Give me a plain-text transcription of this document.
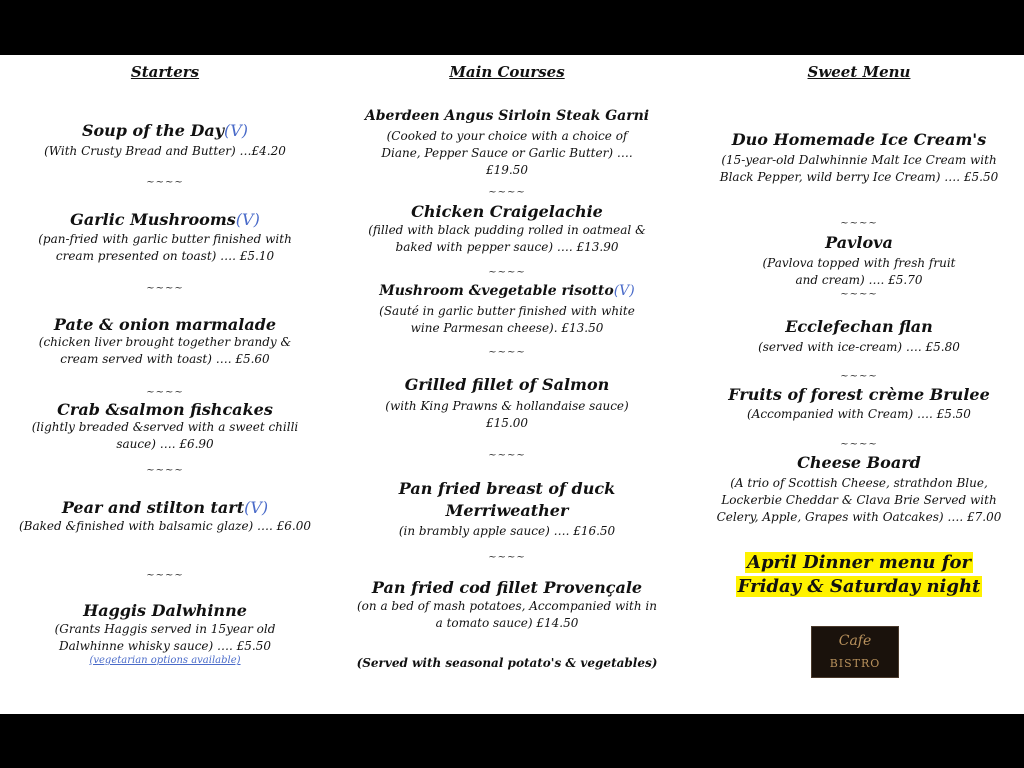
Starters

Soup of the Day(V)

(With Crusty Bread and Butter) …£4.20

~~~~

Garlic Mushrooms(V)

(pan-fried with garlic butter finished with cream presented on toast) …. £5.10

~~~~

Pate & onion marmalade

(chicken liver brought together brandy & cream served with toast) …. £5.60

~~~~

Crab &salmon fishcakes

(lightly breaded &served with a sweet chilli sauce) …. £6.90

~~~~

Pear and stilton tart(V)

(Baked &finished with balsamic glaze) …. £6.00

~~~~

Haggis Dalwhinne

(Grants Haggis served in 15year old Dalwhinne whisky sauce) …. £5.50

(vegetarian options available)

Main Courses

Aberdeen Angus Sirloin Steak Garni

(Cooked to your choice with a choice of Diane, Pepper Sauce or Garlic Butter) …. £19.50

~~~~

Chicken Craigelachie

(filled with black pudding rolled in oatmeal & baked with pepper sauce) …. £13.90

~~~~

Mushroom &vegetable risotto(V)

(Sauté in garlic butter finished with white wine Parmesan cheese). £13.50

~~~~

Grilled fillet of Salmon

(with King Prawns & hollandaise sauce) £15.00

~~~~

Pan fried breast of duck Merriweather

(in brambly apple sauce) …. £16.50

~~~~

Pan fried cod fillet Provençale

(on a bed of mash potatoes, Accompanied with in a tomato sauce) £14.50

(Served with seasonal potato's & vegetables)

Sweet Menu

Duo Homemade Ice Cream's

(15-year-old Dalwhinnie Malt Ice Cream with Black Pepper, wild berry Ice Cream) …. £5.50

~~~~

Pavlova

(Pavlova topped with fresh fruit and cream) …. £5.70

~~~~

Ecclefechan flan

(served with ice-cream) …. £5.80

~~~~

Fruits of forest crème Brulee

(Accompanied with Cream) …. £5.50

~~~~

Cheese Board

(A trio of Scottish Cheese, strathdon Blue, Lockerbie Cheddar & Clava Brie Served with Celery, Apple, Grapes with Oatcakes) …. £7.00

April Dinner menu for
Friday & Saturday night
Cafe
BISTRO
